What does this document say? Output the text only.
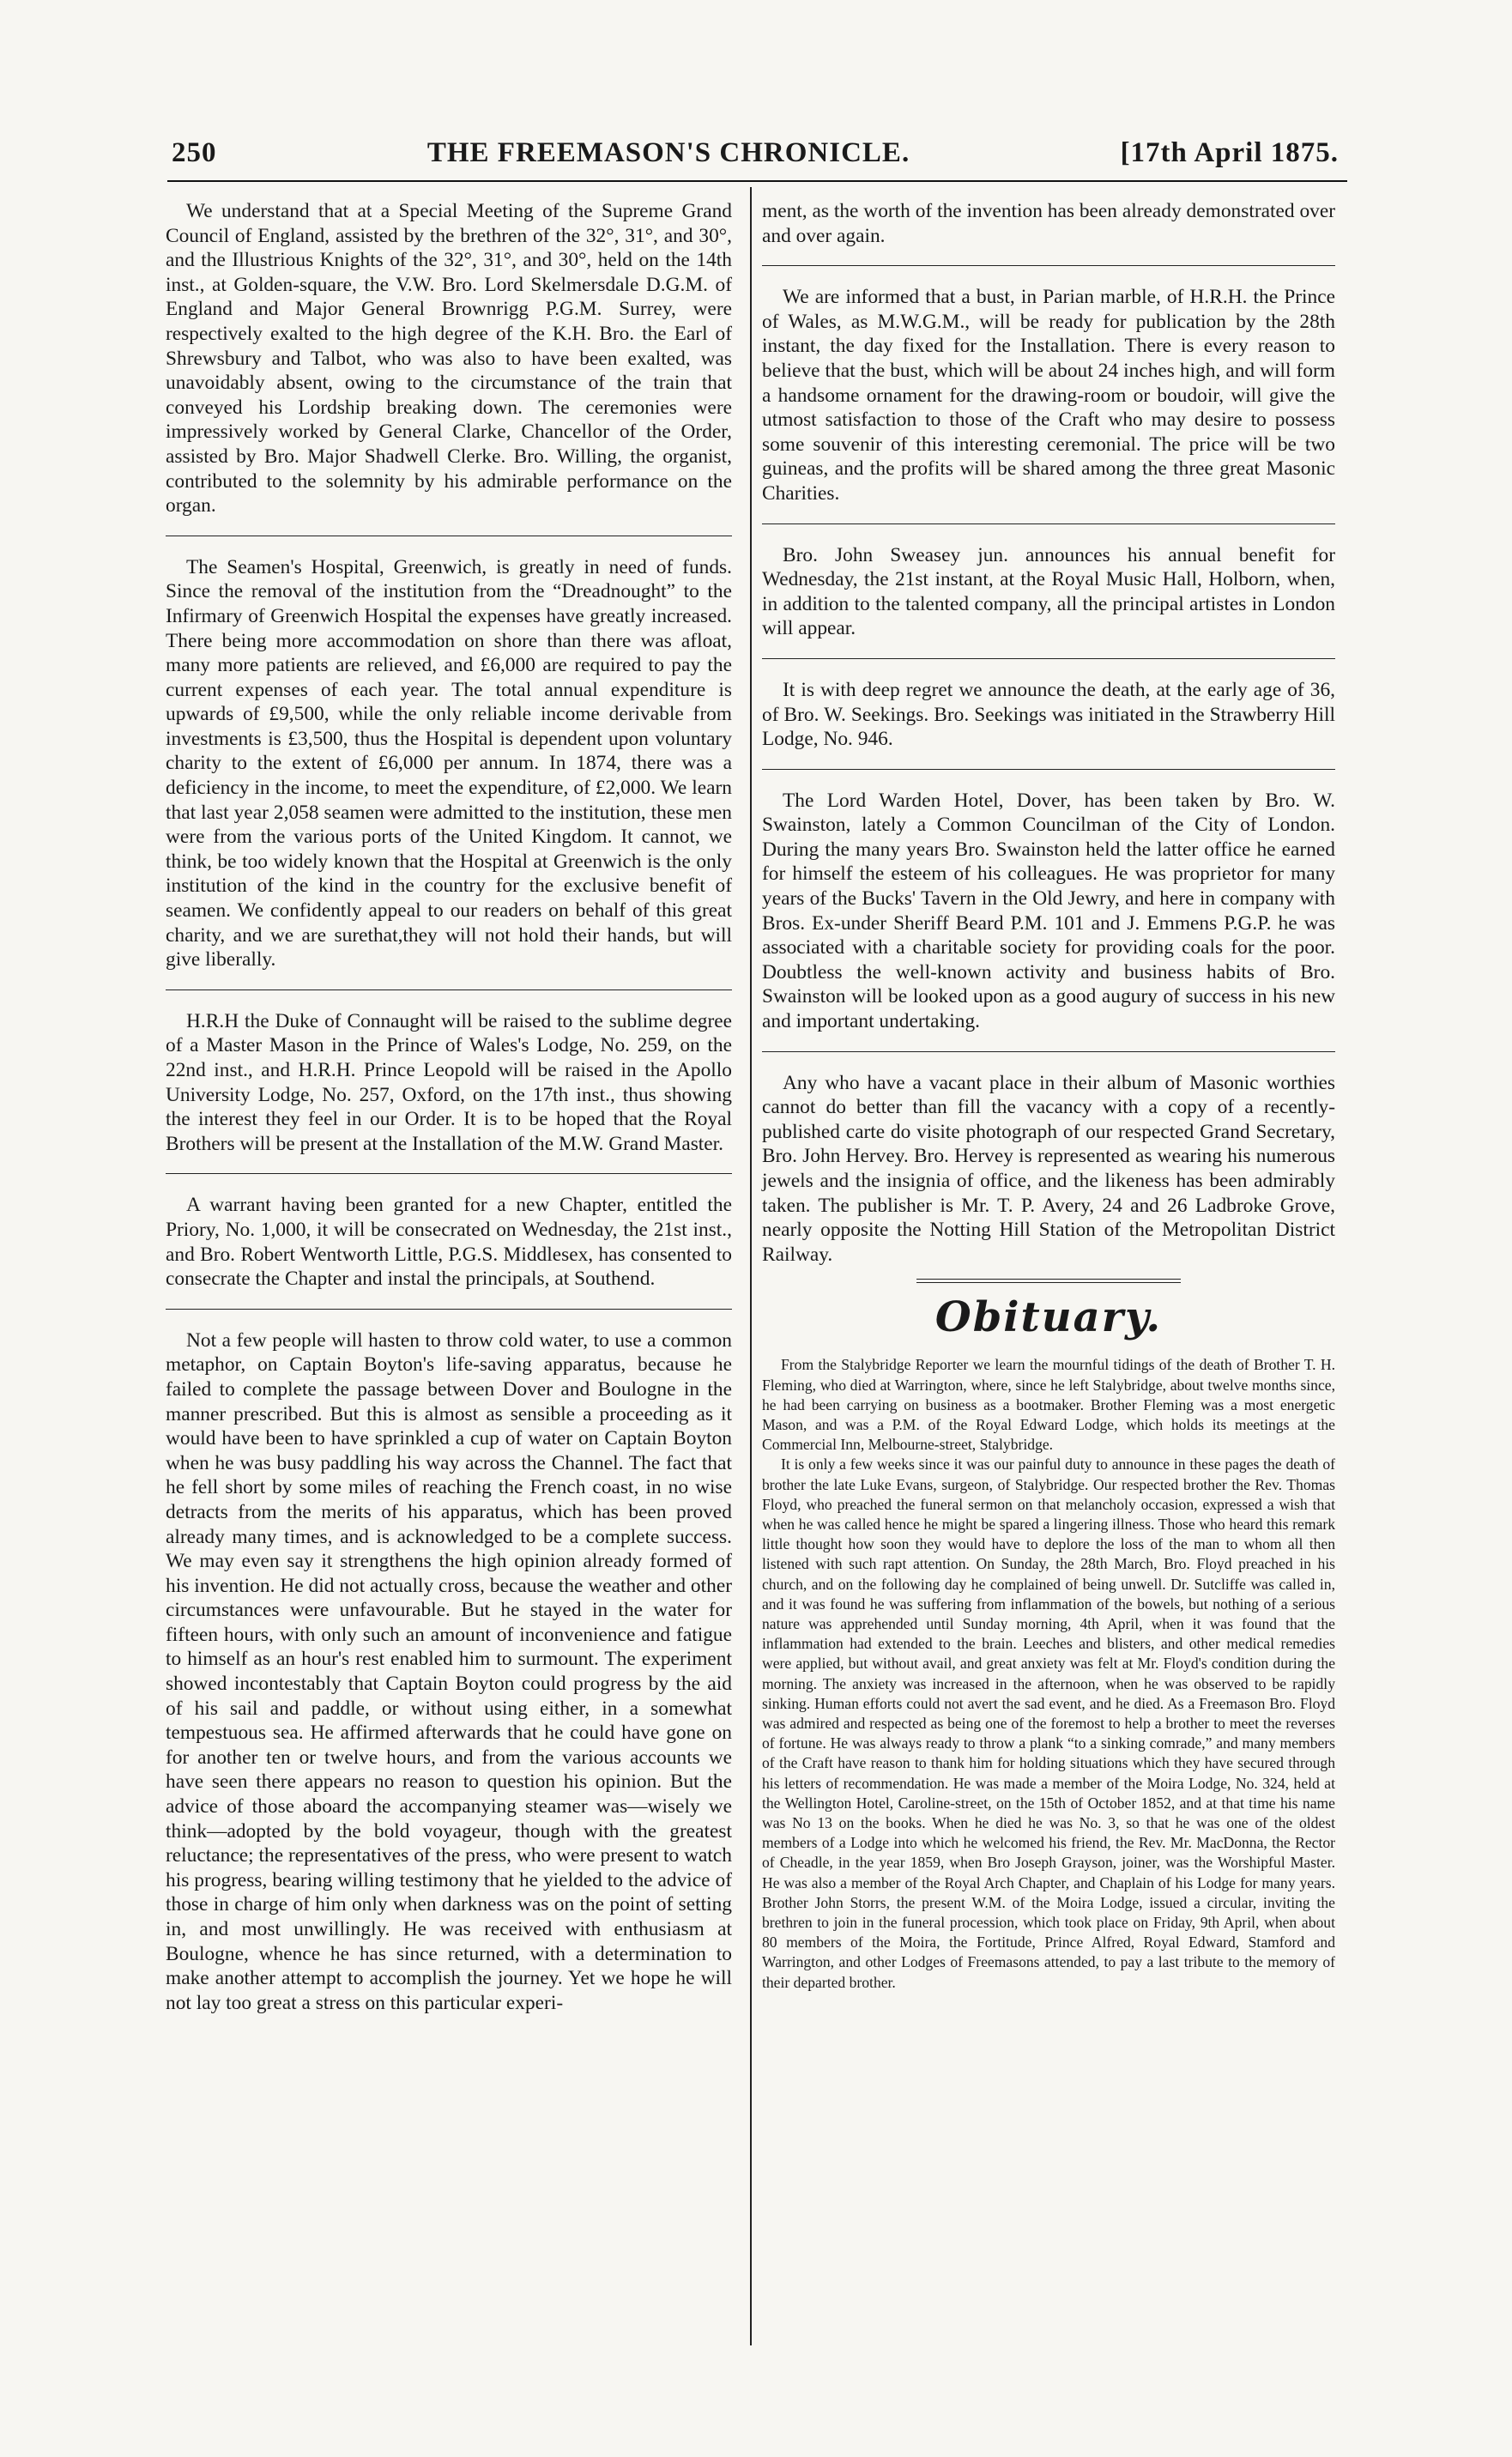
250	THE FREEMASON'S CHRONICLE.	[17th April 1875.

We understand that at a Special Meeting of the Supreme Grand Council of England, assisted by the brethren of the 32°, 31°, and 30°, and the Illustrious Knights of the 32°, 31°, and 30°, held on the 14th inst., at Golden-square, the V.W. Bro. Lord Skelmersdale D.G.M. of England and Major General Brownrigg P.G.M. Surrey, were respectively exalted to the high degree of the K.H. Bro. the Earl of Shrewsbury and Talbot, who was also to have been exalted, was unavoidably absent, owing to the circumstance of the train that conveyed his Lordship breaking down. The ceremonies were impressively worked by General Clarke, Chancellor of the Order, assisted by Bro. Major Shadwell Clerke. Bro. Willing, the organist, contributed to the solemnity by his admirable performance on the organ.

The Seamen's Hospital, Greenwich, is greatly in need of funds. Since the removal of the institution from the “Dreadnought” to the Infirmary of Greenwich Hospital the expenses have greatly increased. There being more accommodation on shore than there was afloat, many more patients are relieved, and £6,000 are required to pay the current expenses of each year. The total annual expenditure is upwards of £9,500, while the only reliable income derivable from investments is £3,500, thus the Hospital is dependent upon voluntary charity to the extent of £6,000 per annum. In 1874, there was a deficiency in the income, to meet the expenditure, of £2,000. We learn that last year 2,058 seamen were admitted to the institution, these men were from the various ports of the United Kingdom. It cannot, we think, be too widely known that the Hospital at Greenwich is the only institution of the kind in the country for the exclusive benefit of seamen. We confidently appeal to our readers on behalf of this great charity, and we are surethat,they will not hold their hands, but will give liberally.

H.R.H the Duke of Connaught will be raised to the sublime degree of a Master Mason in the Prince of Wales's Lodge, No. 259, on the 22nd inst., and H.R.H. Prince Leopold will be raised in the Apollo University Lodge, No. 257, Oxford, on the 17th inst., thus showing the interest they feel in our Order. It is to be hoped that the Royal Brothers will be present at the Installation of the M.W. Grand Master.

A warrant having been granted for a new Chapter, entitled the Priory, No. 1,000, it will be consecrated on Wednesday, the 21st inst., and Bro. Robert Wentworth Little, P.G.S. Middlesex, has consented to consecrate the Chapter and instal the principals, at Southend.

Not a few people will hasten to throw cold water, to use a common metaphor, on Captain Boyton's life-saving apparatus, because he failed to complete the passage between Dover and Boulogne in the manner prescribed. But this is almost as sensible a proceeding as it would have been to have sprinkled a cup of water on Captain Boyton when he was busy paddling his way across the Channel. The fact that he fell short by some miles of reaching the French coast, in no wise detracts from the merits of his apparatus, which has been proved already many times, and is acknowledged to be a complete success. We may even say it strengthens the high opinion already formed of his invention. He did not actually cross, because the weather and other circumstances were unfavourable. But he stayed in the water for fifteen hours, with only such an amount of inconvenience and fatigue to himself as an hour's rest enabled him to surmount. The experiment showed incontestably that Captain Boyton could progress by the aid of his sail and paddle, or without using either, in a somewhat tempestuous sea. He affirmed afterwards that he could have gone on for another ten or twelve hours, and from the various accounts we have seen there appears no reason to question his opinion. But the advice of those aboard the accompanying steamer was—wisely we think—adopted by the bold voyageur, though with the greatest reluctance; the representatives of the press, who were present to watch his progress, bearing willing testimony that he yielded to the advice of those in charge of him only when darkness was on the point of setting in, and most unwillingly. He was received with enthusiasm at Boulogne, whence he has since returned, with a determination to make another attempt to accomplish the journey. Yet we hope he will not lay too great a stress on this particular experi-

ment, as the worth of the invention has been already demonstrated over and over again.

We are informed that a bust, in Parian marble, of H.R.H. the Prince of Wales, as M.W.G.M., will be ready for publication by the 28th instant, the day fixed for the Installation. There is every reason to believe that the bust, which will be about 24 inches high, and will form a handsome ornament for the drawing-room or boudoir, will give the utmost satisfaction to those of the Craft who may desire to possess some souvenir of this interesting ceremonial. The price will be two guineas, and the profits will be shared among the three great Masonic Charities.

Bro. John Sweasey jun. announces his annual benefit for Wednesday, the 21st instant, at the Royal Music Hall, Holborn, when, in addition to the talented company, all the principal artistes in London will appear.

It is with deep regret we announce the death, at the early age of 36, of Bro. W. Seekings. Bro. Seekings was initiated in the Strawberry Hill Lodge, No. 946.

The Lord Warden Hotel, Dover, has been taken by Bro. W. Swainston, lately a Common Councilman of the City of London. During the many years Bro. Swainston held the latter office he earned for himself the esteem of his colleagues. He was proprietor for many years of the Bucks' Tavern in the Old Jewry, and here in company with Bros. Ex-under Sheriff Beard P.M. 101 and J. Emmens P.G.P. he was associated with a charitable society for providing coals for the poor. Doubtless the well-known activity and business habits of Bro. Swainston will be looked upon as a good augury of success in his new and important undertaking.

Any who have a vacant place in their album of Masonic worthies cannot do better than fill the vacancy with a copy of a recently-published carte do visite photograph of our respected Grand Secretary, Bro. John Hervey. Bro. Hervey is represented as wearing his numerous jewels and the insignia of office, and the likeness has been admirably taken. The publisher is Mr. T. P. Avery, 24 and 26 Ladbroke Grove, nearly opposite the Notting Hill Station of the Metropolitan District Railway.

Obituary.

From the Stalybridge Reporter we learn the mournful tidings of the death of Brother T. H. Fleming, who died at Warrington, where, since he left Stalybridge, about twelve months since, he had been carrying on business as a bootmaker. Brother Fleming was a most energetic Mason, and was a P.M. of the Royal Edward Lodge, which holds its meetings at the Commercial Inn, Melbourne-street, Stalybridge.

It is only a few weeks since it was our painful duty to announce in these pages the death of brother the late Luke Evans, surgeon, of Stalybridge. Our respected brother the Rev. Thomas Floyd, who preached the funeral sermon on that melancholy occasion, expressed a wish that when he was called hence he might be spared a lingering illness. Those who heard this remark little thought how soon they would have to deplore the loss of the man to whom all then listened with such rapt attention. On Sunday, the 28th March, Bro. Floyd preached in his church, and on the following day he complained of being unwell. Dr. Sutcliffe was called in, and it was found he was suffering from inflammation of the bowels, but nothing of a serious nature was apprehended until Sunday morning, 4th April, when it was found that the inflammation had extended to the brain. Leeches and blisters, and other medical remedies were applied, but without avail, and great anxiety was felt at Mr. Floyd's condition during the morning. The anxiety was increased in the afternoon, when he was observed to be rapidly sinking. Human efforts could not avert the sad event, and he died. As a Freemason Bro. Floyd was admired and respected as being one of the foremost to help a brother to meet the reverses of fortune. He was always ready to throw a plank “to a sinking comrade,” and many members of the Craft have reason to thank him for holding situations which they have secured through his letters of recommendation. He was made a member of the Moira Lodge, No. 324, held at the Wellington Hotel, Caroline-street, on the 15th of October 1852, and at that time his name was No 13 on the books. When he died he was No. 3, so that he was one of the oldest members of a Lodge into which he welcomed his friend, the Rev. Mr. MacDonna, the Rector of Cheadle, in the year 1859, when Bro Joseph Grayson, joiner, was the Worshipful Master. He was also a member of the Royal Arch Chapter, and Chaplain of his Lodge for many years. Brother John Storrs, the present W.M. of the Moira Lodge, issued a circular, inviting the brethren to join in the funeral procession, which took place on Friday, 9th April, when about 80 members of the Moira, the Fortitude, Prince Alfred, Royal Edward, Stamford and Warrington, and other Lodges of Freemasons attended, to pay a last tribute to the memory of their departed brother.
